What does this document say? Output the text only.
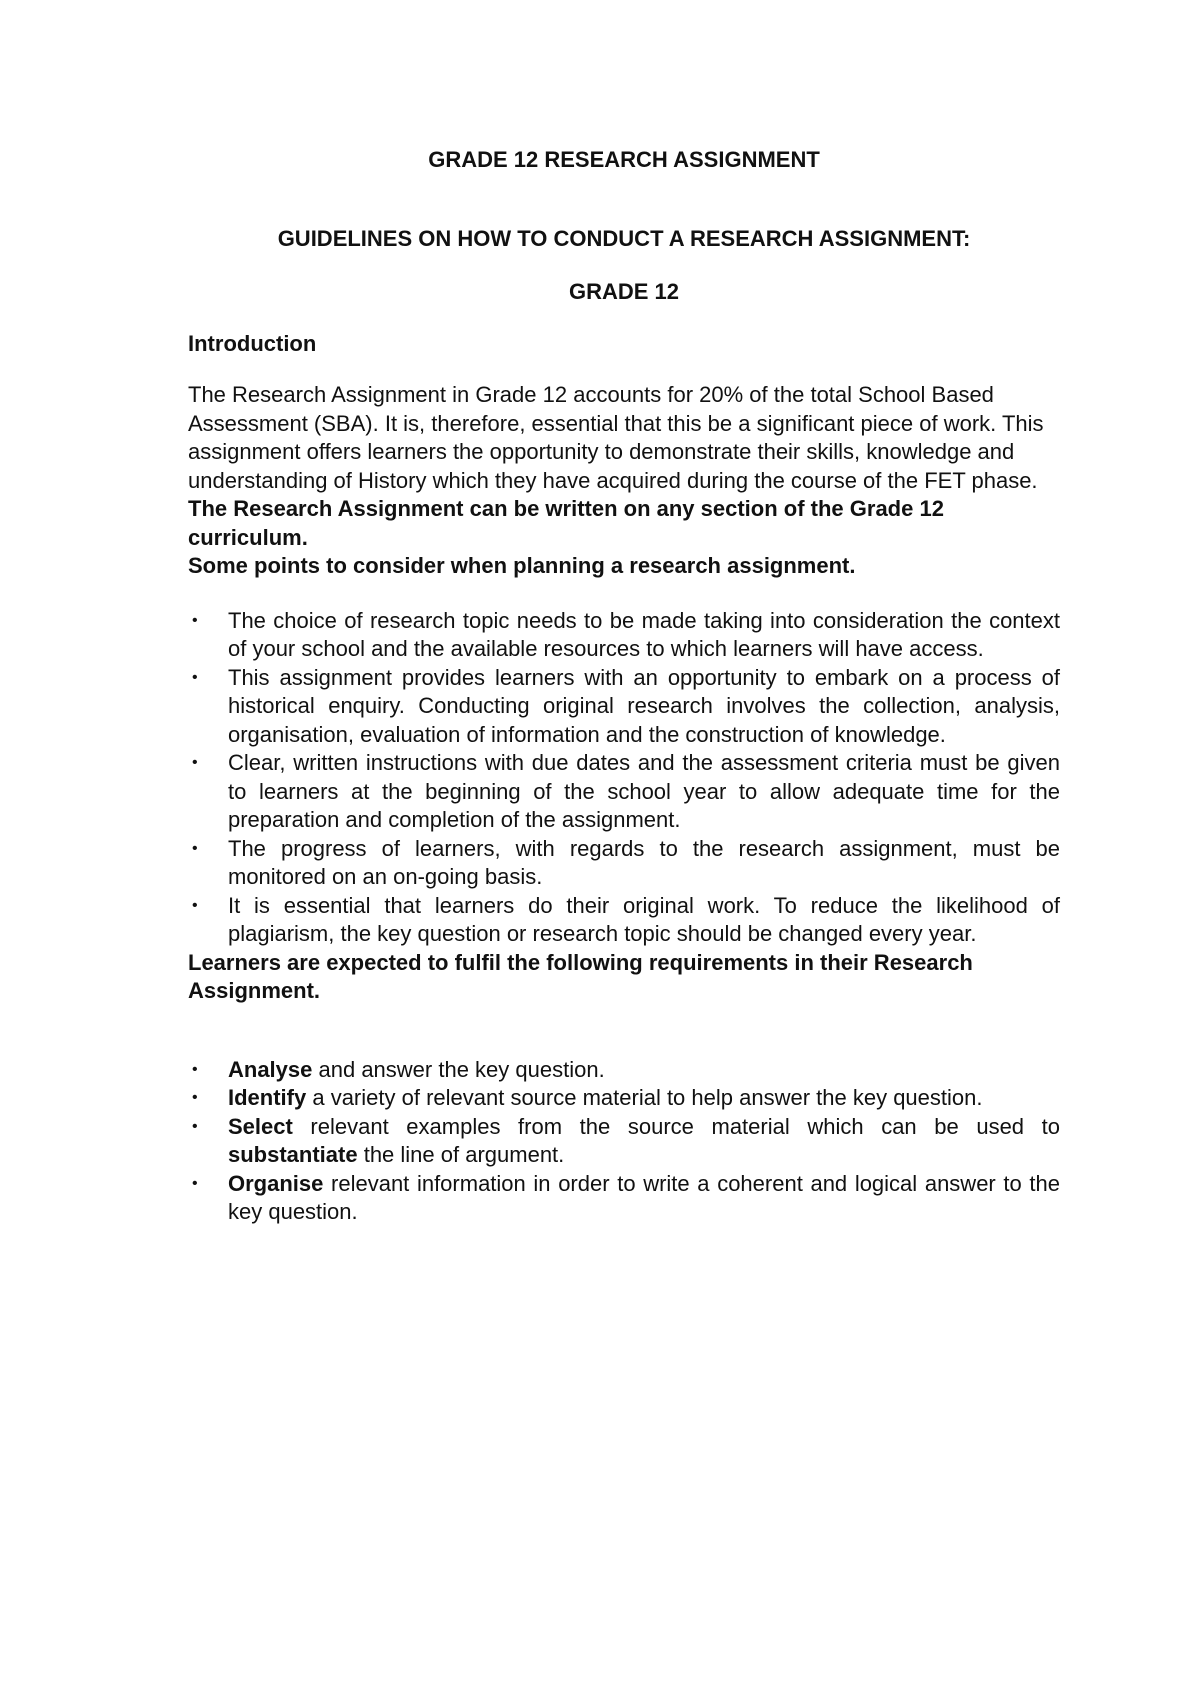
GRADE 12 RESEARCH ASSIGNMENT
GUIDELINES ON HOW TO CONDUCT A RESEARCH ASSIGNMENT:
GRADE 12
Introduction

The Research Assignment in Grade 12 accounts for 20% of the total School Based Assessment (SBA). It is, therefore, essential that this be a significant piece of work. This assignment offers learners the opportunity to demonstrate their skills, knowledge and understanding of History which they have acquired during the course of the FET phase.

The Research Assignment can be written on any section of the Grade 12 curriculum.

Some points to consider when planning a research assignment.
• The choice of research topic needs to be made taking into consideration the context of your school and the available resources to which learners will have access.
• This assignment provides learners with an opportunity to embark on a process of historical enquiry. Conducting original research involves the collection, analysis, organisation, evaluation of information and the construction of knowledge.
• Clear, written instructions with due dates and the assessment criteria must be given to learners at the beginning of the school year to allow adequate time for the preparation and completion of the assignment.
• The progress of learners, with regards to the research assignment, must be monitored on an on-going basis.
• It is essential that learners do their original work. To reduce the likelihood of plagiarism, the key question or research topic should be changed every year.
Learners are expected to fulfil the following requirements in their Research Assignment.
• Analyse and answer the key question.
• Identify a variety of relevant source material to help answer the key question.
• Select relevant examples from the source material which can be used to substantiate the line of argument.
• Organise relevant information in order to write a coherent and logical answer to the key question.
